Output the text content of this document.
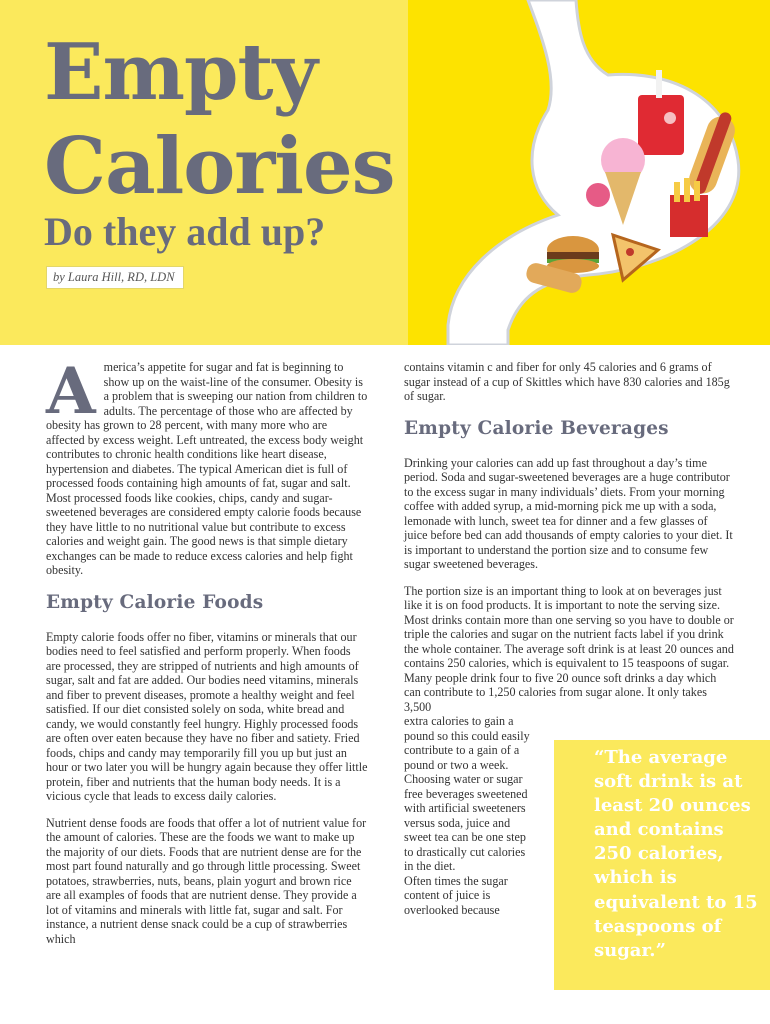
Empty
Calories
Do they add up?
by Laura Hill, RD, LDN

America’s appetite for sugar and fat is beginning to show up on the waist-line of the consumer. Obesity is a problem that is sweeping our nation from children to adults. The percentage of those who are affected by obesity has grown to 28 percent, with many more who are affected by excess weight. Left untreated, the excess body weight contributes to chronic health conditions like heart disease, hypertension and diabetes. The typical American diet is full of processed foods containing high amounts of fat, sugar and salt. Most processed foods like cookies, chips, candy and sugar-sweetened beverages are considered empty calorie foods because they have little to no nutritional value but contribute to excess calories and weight gain. The good news is that simple dietary exchanges can be made to reduce excess calories and help fight obesity.

Empty Calorie Foods

Empty calorie foods offer no fiber, vitamins or minerals that our bodies need to feel satisfied and perform properly. When foods are processed, they are stripped of nutrients and high amounts of sugar, salt and fat are added. Our bodies need vitamins, minerals and fiber to prevent diseases, promote a healthy weight and feel satisfied. If our diet consisted solely on soda, white bread and candy, we would constantly feel hungry. Highly processed foods are often over eaten because they have no fiber and satiety. Fried foods, chips and candy may temporarily fill you up but just an hour or two later you will be hungry again because they offer little protein, fiber and nutrients that the human body needs. It is a vicious cycle that leads to excess daily calories.

Nutrient dense foods are foods that offer a lot of nutrient value for the amount of calories. These are the foods we want to make up the majority of our diets. Foods that are nutrient dense are for the most part found naturally and go through little processing. Sweet potatoes, strawberries, nuts, beans, plain yogurt and brown rice are all examples of foods that are nutrient dense. They provide a lot of vitamins and minerals with little fat, sugar and salt. For instance, a nutrient dense snack could be a cup of strawberries which

contains vitamin c and fiber for only 45 calories and 6 grams of sugar instead of a cup of Skittles which have 830 calories and 185g of sugar.

Empty Calorie Beverages

Drinking your calories can add up fast throughout a day’s time period. Soda and sugar-sweetened beverages are a huge contributor to the excess sugar in many individuals’ diets. From your morning coffee with added syrup, a mid-morning pick me up with a soda, lemonade with lunch, sweet tea for dinner and a few glasses of juice before bed can add thousands of empty calories to your diet. It is important to understand the portion size and to consume few sugar sweetened beverages.

The portion size is an important thing to look at on beverages just like it is on food products. It is important to note the serving size. Most drinks contain more than one serving so you have to double or triple the calories and sugar on the nutrient facts label if you drink the whole container. The average soft drink is at least 20 ounces and contains 250 calories, which is equivalent to 15 teaspoons of sugar. Many people drink four to five 20 ounce soft drinks a day which can contribute to 1,250 calories from sugar alone. It only takes 3,500

extra calories to gain a pound so this could easily contribute to a gain of a pound or two a week. Choosing water or sugar free beverages sweetened with artificial sweeteners versus soda, juice and sweet tea can be one step to drastically cut calories in the diet.

Often times the sugar content of juice is overlooked because

“The average soft drink is at least 20 ounces and contains 250 calories, which is equivalent to 15 teaspoons of sugar.”
